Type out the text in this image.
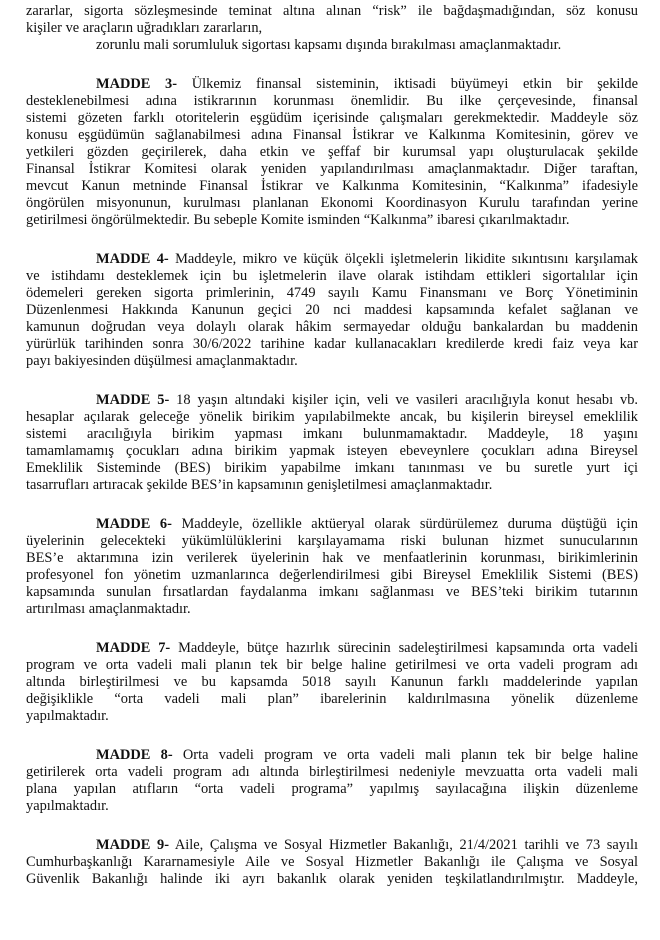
zararlar, sigorta sözleşmesinde teminat altına alınan “risk” ile bağdaşmadığından, söz konusu
kişiler ve araçların uğradıkları zararların,
zorunlu mali sorumluluk sigortası kapsamı dışında bırakılması amaçlanmaktadır.

MADDE 3- Ülkemiz finansal sisteminin, iktisadi büyümeyi etkin bir şekilde
desteklenebilmesi adına istikrarının korunması önemlidir. Bu ilke çerçevesinde, finansal
sistemi gözeten farklı otoritelerin eşgüdüm içerisinde çalışmaları gerekmektedir. Maddeyle söz
konusu eşgüdümün sağlanabilmesi adına Finansal İstikrar ve Kalkınma Komitesinin, görev ve
yetkileri gözden geçirilerek, daha etkin ve şeffaf bir kurumsal yapı oluşturulacak şekilde
Finansal İstikrar Komitesi olarak yeniden yapılandırılması amaçlanmaktadır. Diğer taraftan,
mevcut Kanun metninde Finansal İstikrar ve Kalkınma Komitesinin, “Kalkınma” ifadesiyle
öngörülen misyonunun, kurulması planlanan Ekonomi Koordinasyon Kurulu tarafından yerine
getirilmesi öngörülmektedir. Bu sebeple Komite isminden “Kalkınma” ibaresi çıkarılmaktadır.

MADDE 4- Maddeyle, mikro ve küçük ölçekli işletmelerin likidite sıkıntısını karşılamak
ve istihdamı desteklemek için bu işletmelerin ilave olarak istihdam ettikleri sigortalılar için
ödemeleri gereken sigorta primlerinin, 4749 sayılı Kamu Finansmanı ve Borç Yönetiminin
Düzenlenmesi Hakkında Kanunun geçici 20 nci maddesi kapsamında kefalet sağlanan ve
kamunun doğrudan veya dolaylı olarak hâkim sermayedar olduğu bankalardan bu maddenin
yürürlük tarihinden sonra 30/6/2022 tarihine kadar kullanacakları kredilerde kredi faiz veya kar
payı bakiyesinden düşülmesi amaçlanmaktadır.

MADDE 5- 18 yaşın altındaki kişiler için, veli ve vasileri aracılığıyla konut hesabı vb.
hesaplar açılarak geleceğe yönelik birikim yapılabilmekte ancak, bu kişilerin bireysel emeklilik
sistemi aracılığıyla birikim yapması imkanı bulunmamaktadır. Maddeyle, 18 yaşını
tamamlamamış çocukları adına birikim yapmak isteyen ebeveynlere çocukları adına Bireysel
Emeklilik Sisteminde (BES) birikim yapabilme imkanı tanınması ve bu suretle yurt içi
tasarrufları artıracak şekilde BES’in kapsamının genişletilmesi amaçlanmaktadır.

MADDE 6- Maddeyle, özellikle aktüeryal olarak sürdürülemez duruma düştüğü için
üyelerinin gelecekteki yükümlülüklerini karşılayamama riski bulunan hizmet sunucularının
BES’e aktarımına izin verilerek üyelerinin hak ve menfaatlerinin korunması, birikimlerinin
profesyonel fon yönetim uzmanlarınca değerlendirilmesi gibi Bireysel Emeklilik Sistemi (BES)
kapsamında sunulan fırsatlardan faydalanma imkanı sağlanması ve BES’teki birikim tutarının
artırılması amaçlanmaktadır.

MADDE 7- Maddeyle, bütçe hazırlık sürecinin sadeleştirilmesi kapsamında orta vadeli
program ve orta vadeli mali planın tek bir belge haline getirilmesi ve orta vadeli program adı
altında birleştirilmesi ve bu kapsamda 5018 sayılı Kanunun farklı maddelerinde yapılan
değişiklikle “orta vadeli mali plan” ibarelerinin kaldırılmasına yönelik düzenleme
yapılmaktadır.

MADDE 8- Orta vadeli program ve orta vadeli mali planın tek bir belge haline
getirilerek orta vadeli program adı altında birleştirilmesi nedeniyle mevzuatta orta vadeli mali
plana yapılan atıfların “orta vadeli programa” yapılmış sayılacağına ilişkin düzenleme
yapılmaktadır.

MADDE 9- Aile, Çalışma ve Sosyal Hizmetler Bakanlığı, 21/4/2021 tarihli ve 73 sayılı
Cumhurbaşkanlığı Kararnamesiyle Aile ve Sosyal Hizmetler Bakanlığı ile Çalışma ve Sosyal
Güvenlik Bakanlığı halinde iki ayrı bakanlık olarak yeniden teşkilatlandırılmıştır. Maddeyle,
